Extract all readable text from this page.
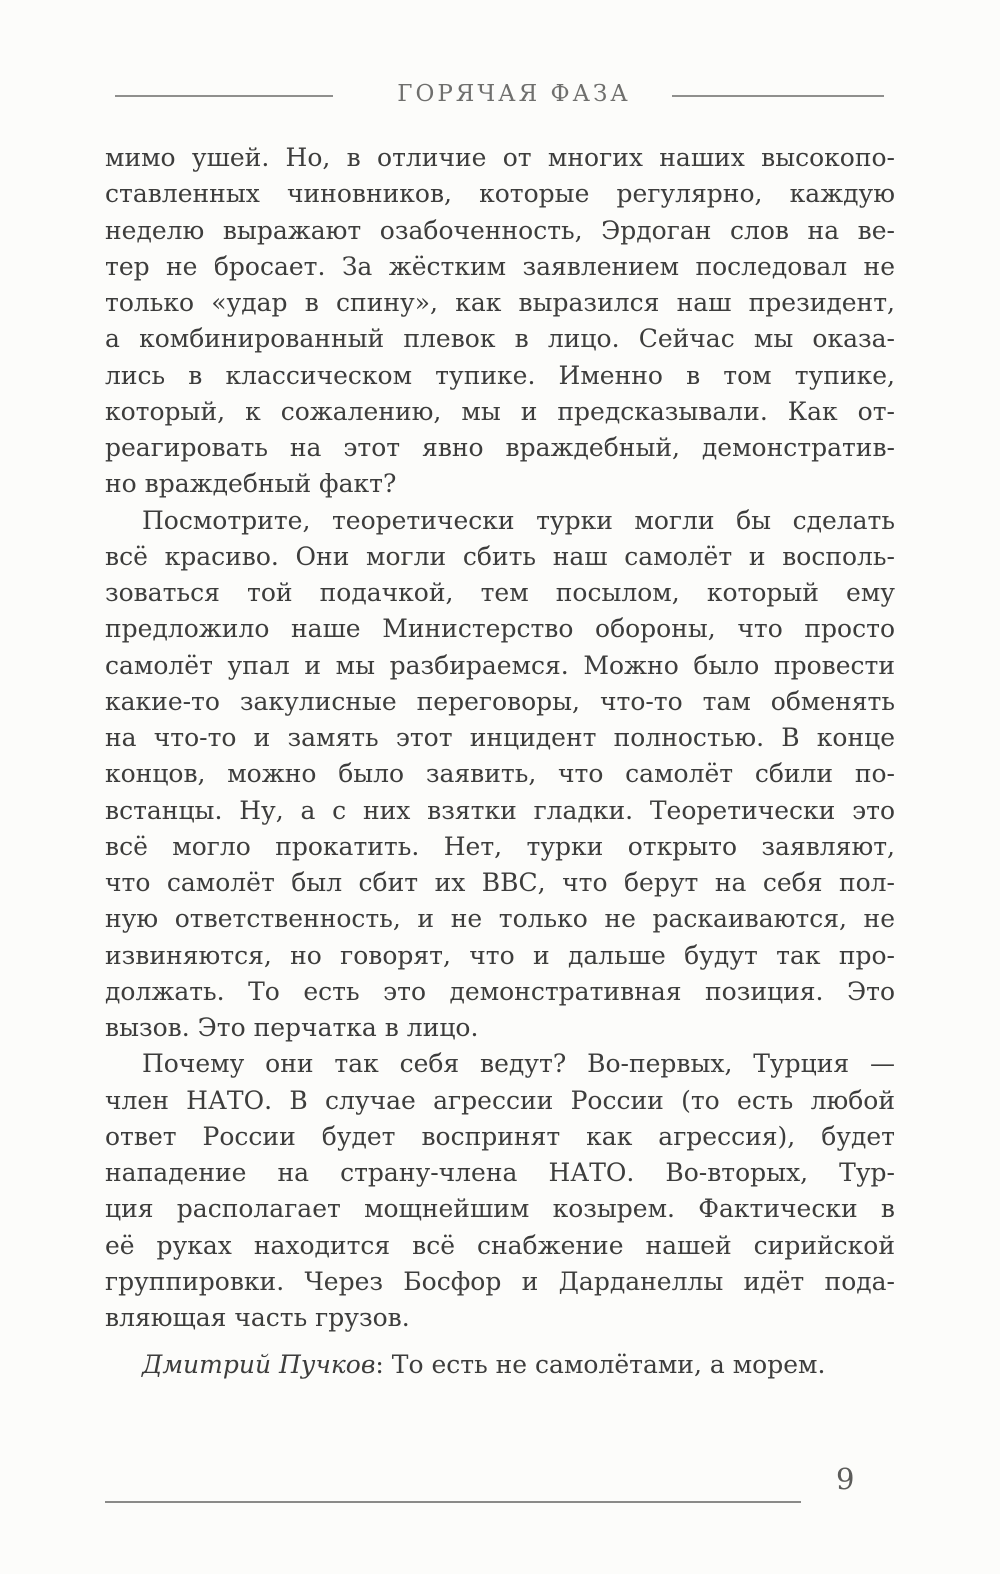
ГОРЯЧАЯ ФАЗА
мимо ушей. Но, в отличие от многих наших высокопо-
ставленных чиновников, которые регулярно, каждую
неделю выражают озабоченность, Эрдоган слов на ве-
тер не бросает. За жёстким заявлением последовал не
только «удар в спину», как выразился наш президент,
а комбинированный плевок в лицо. Сейчас мы оказа-
лись в классическом тупике. Именно в том тупике,
который, к сожалению, мы и предсказывали. Как от-
реагировать на этот явно враждебный, демонстратив-
но враждебный факт?
Посмотрите, теоретически турки могли бы сделать
всё красиво. Они могли сбить наш самолёт и восполь-
зоваться той подачкой, тем посылом, который ему
предложило наше Министерство обороны, что просто
самолёт упал и мы разбираемся. Можно было провести
какие-то закулисные переговоры, что-то там обменять
на что-то и замять этот инцидент полностью. В конце
концов, можно было заявить, что самолёт сбили по-
встанцы. Ну, а с них взятки гладки. Теоретически это
всё могло прокатить. Нет, турки открыто заявляют,
что самолёт был сбит их ВВС, что берут на себя пол-
ную ответственность, и не только не раскаиваются, не
извиняются, но говорят, что и дальше будут так про-
должать. То есть это демонстративная позиция. Это
вызов. Это перчатка в лицо.
Почему они так себя ведут? Во-первых, Турция —
член НАТО. В случае агрессии России (то есть любой
ответ России будет воспринят как агрессия), будет
нападение на страну-члена НАТО. Во-вторых, Тур-
ция располагает мощнейшим козырем. Фактически в
её руках находится всё снабжение нашей сирийской
группировки. Через Босфор и Дарданеллы идёт пода-
вляющая часть грузов.
Дмитрий Пучков: То есть не самолётами, а морем.
9
